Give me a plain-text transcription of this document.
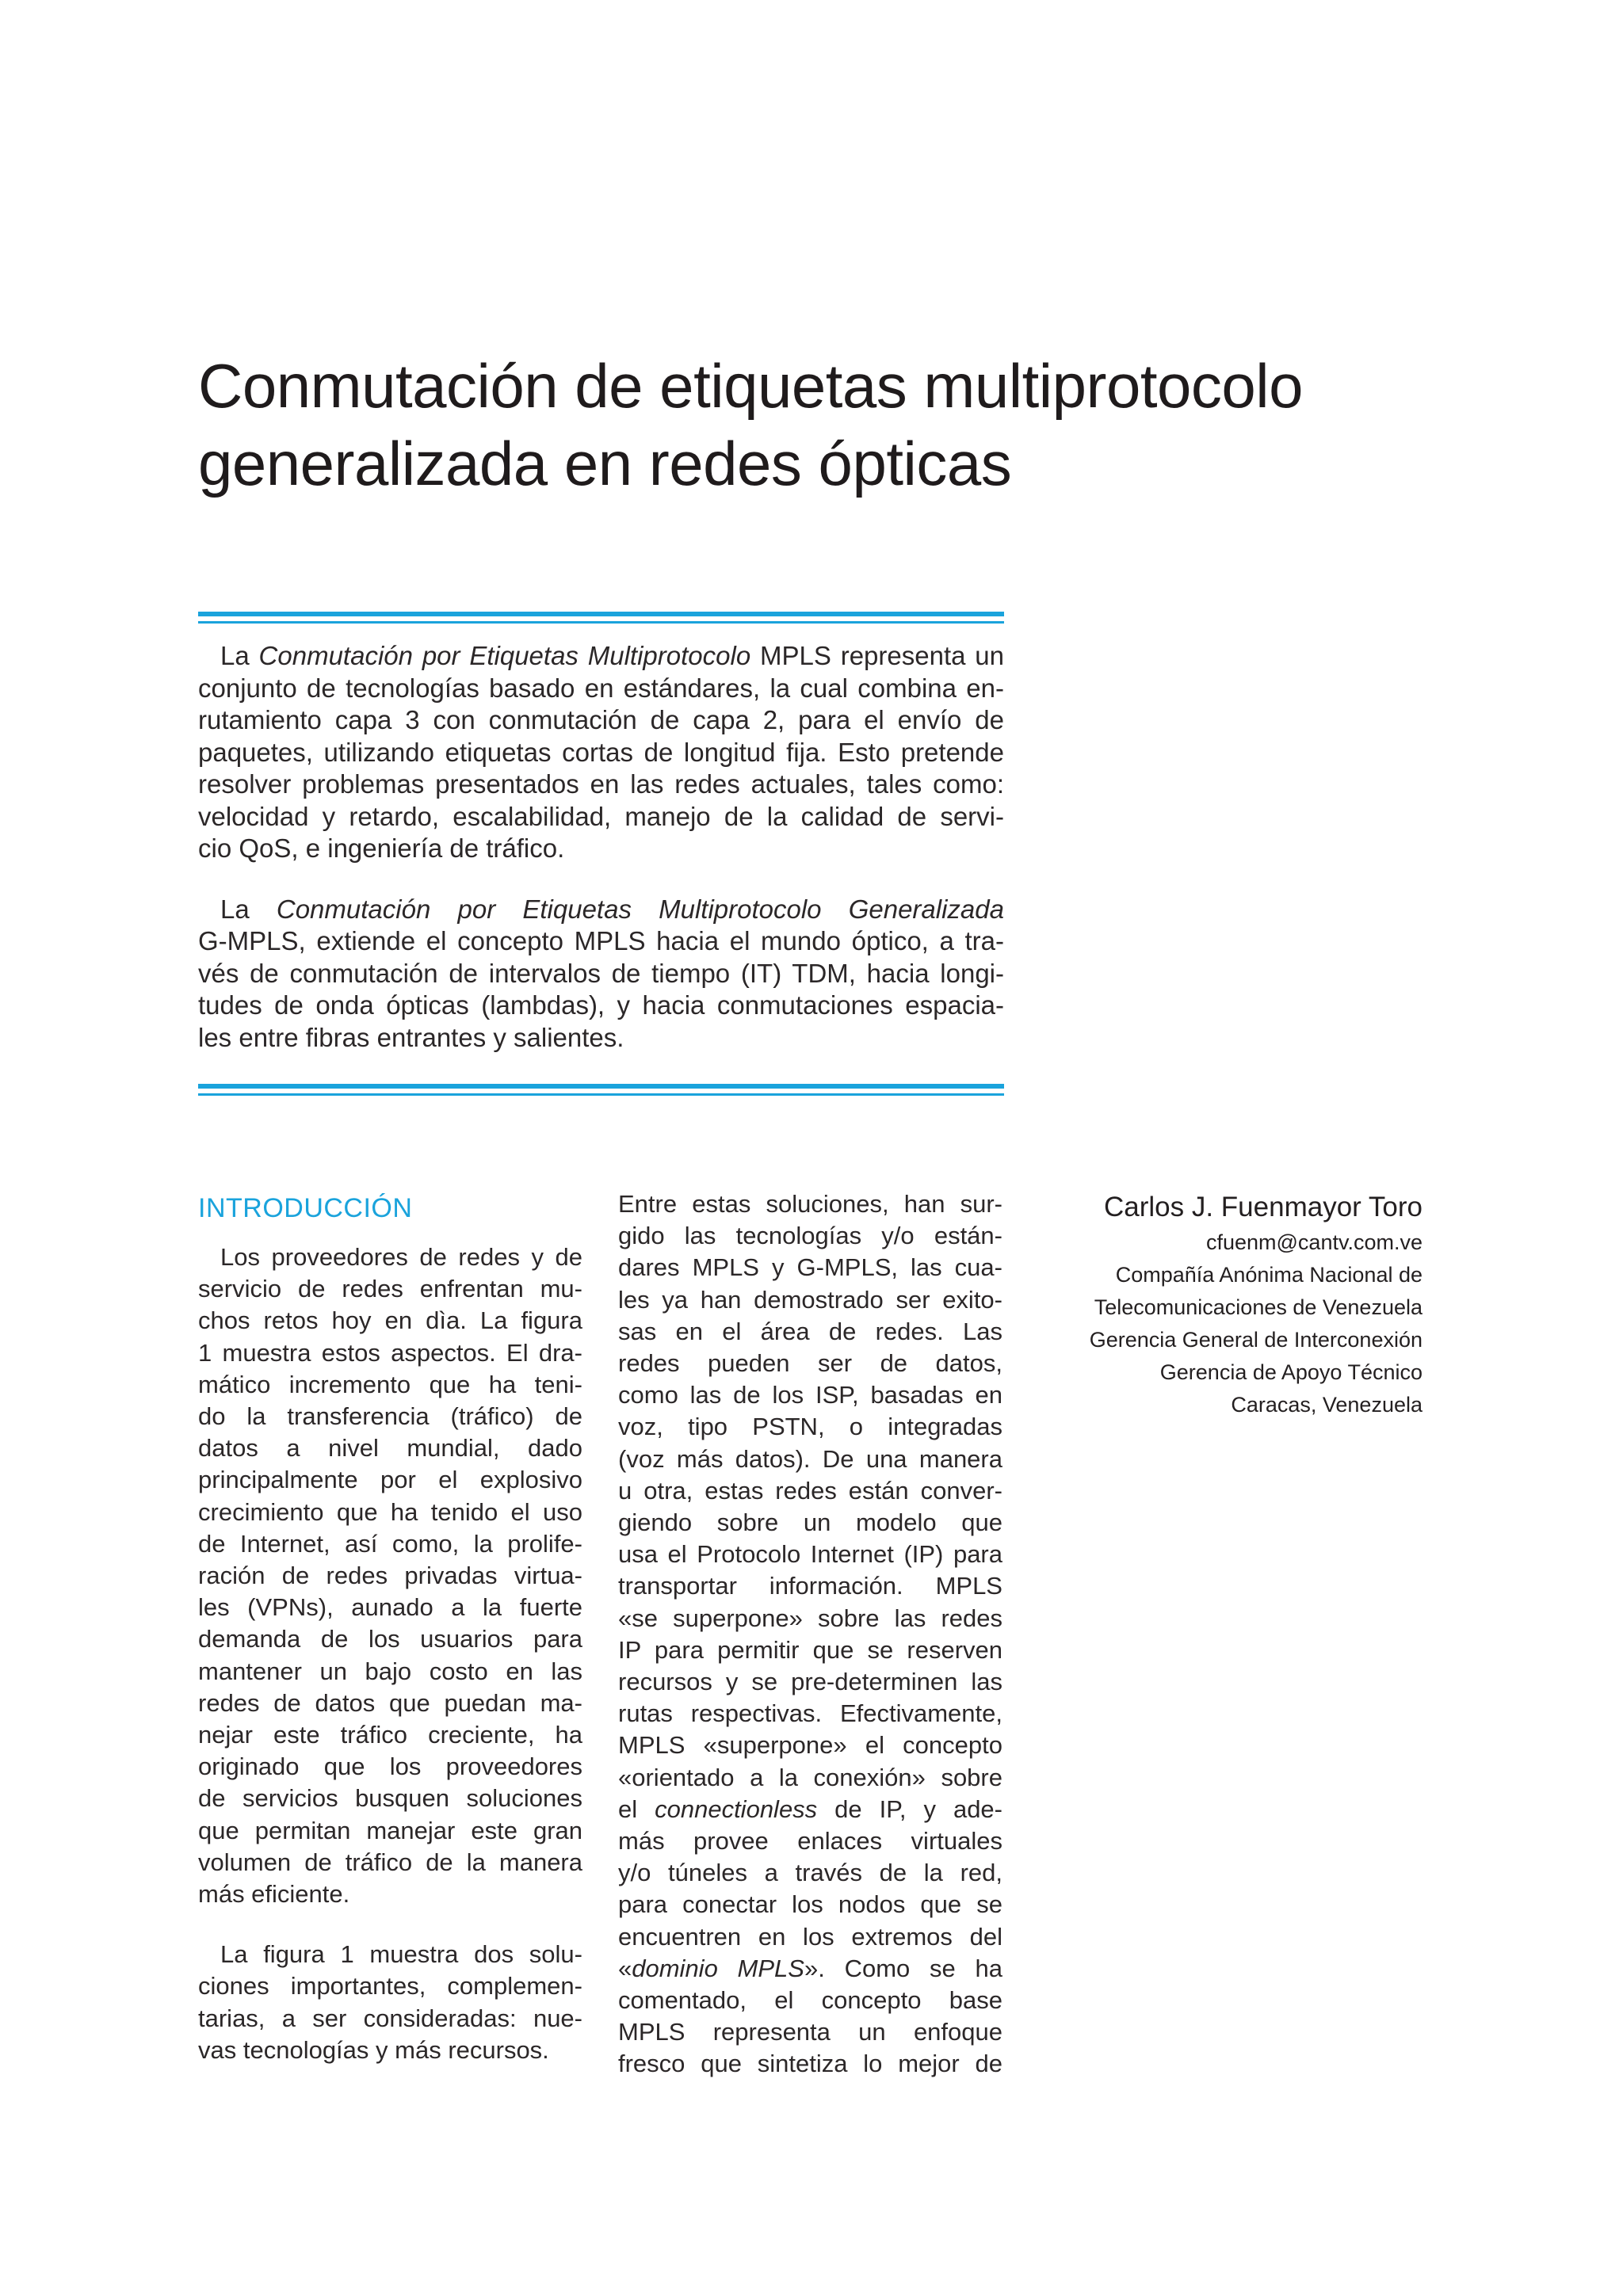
Conmutación de etiquetas multiprotocolo
generalizada en redes ópticas

La Conmutación por Etiquetas Multiprotocolo MPLS representa un
conjunto de tecnologías basado en estándares, la cual combina en-
rutamiento capa 3 con conmutación de capa 2, para el envío de
paquetes, utilizando etiquetas cortas de longitud fija. Esto pretende
resolver problemas presentados en las redes actuales, tales como:
velocidad y retardo, escalabilidad, manejo de la calidad de servi-
cio QoS, e ingeniería de tráfico.

La Conmutación por Etiquetas Multiprotocolo Generalizada
G-MPLS, extiende el concepto MPLS hacia el mundo óptico, a tra-
vés de conmutación de intervalos de tiempo (IT) TDM, hacia longi-
tudes de onda ópticas (lambdas), y hacia conmutaciones espacia-
les entre fibras entrantes y salientes.

INTRODUCCIÓN

Los proveedores de redes y de
servicio de redes enfrentan mu-
chos retos hoy en dìa. La figura
1 muestra estos aspectos. El dra-
mático incremento que ha teni-
do la transferencia (tráfico) de
datos a nivel mundial, dado
principalmente por el explosivo
crecimiento que ha tenido el uso
de Internet, así como, la prolife-
ración de redes privadas virtua-
les (VPNs), aunado a la fuerte
demanda de los usuarios para
mantener un bajo costo en las
redes de datos que puedan ma-
nejar este tráfico creciente, ha
originado que los proveedores
de servicios busquen soluciones
que permitan manejar este gran
volumen de tráfico de la manera
más eficiente.

La figura 1 muestra dos solu-
ciones importantes, complemen-
tarias, a ser consideradas: nue-
vas tecnologías y más recursos.

Entre estas soluciones, han sur-
gido las tecnologías y/o están-
dares MPLS y G-MPLS, las cua-
les ya han demostrado ser exito-
sas en el área de redes. Las
redes pueden ser de datos,
como las de los ISP, basadas en
voz, tipo PSTN, o integradas
(voz más datos). De una manera
u otra, estas redes están conver-
giendo sobre un modelo que
usa el Protocolo Internet (IP) para
transportar información. MPLS
«se superpone» sobre las redes
IP para permitir que se reserven
recursos y se pre-determinen las
rutas respectivas. Efectivamente,
MPLS «superpone» el concepto
«orientado a la conexión» sobre
el connectionless de IP, y ade-
más provee enlaces virtuales
y/o túneles a través de la red,
para conectar los nodos que se
encuentren en los extremos del
«dominio MPLS». Como se ha
comentado, el concepto base
MPLS representa un enfoque
fresco que sintetiza lo mejor de

Carlos J. Fuenmayor Toro
cfuenm@cantv.com.ve
Compañía Anónima Nacional de
Telecomunicaciones de Venezuela
Gerencia General de Interconexión
Gerencia de Apoyo Técnico
Caracas, Venezuela
